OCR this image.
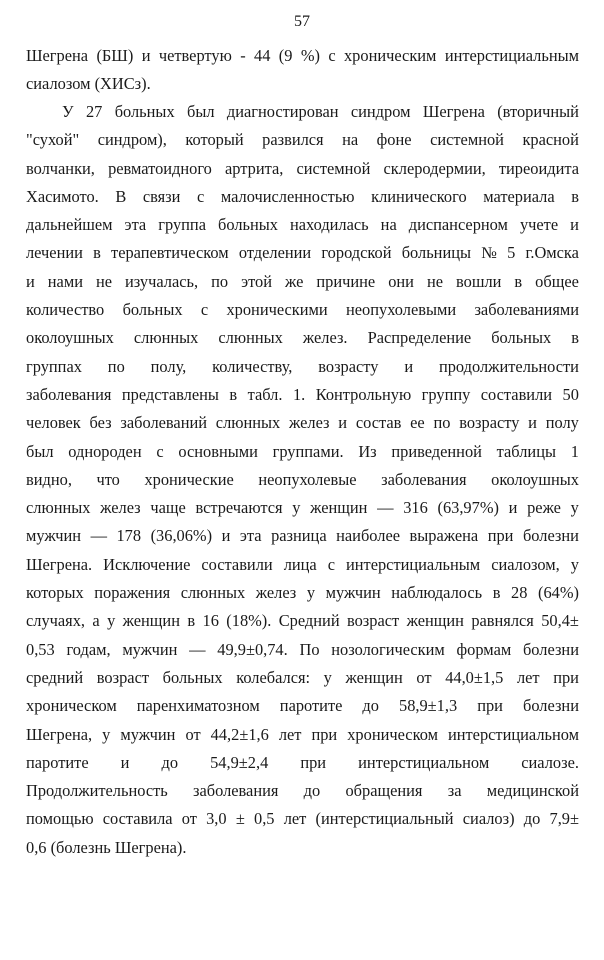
57
Шегрена (БШ) и четвертую - 44 (9 %) с хроническим интерстициальным
сиалозом (ХИСз).
У 27 больных был диагностирован синдром Шегрена (вторичный
"сухой" синдром), который развился на фоне системной красной
волчанки, ревматоидного артрита, системной склеродермии, тиреоидита
Хасимото. В связи с малочисленностью клинического материала в
дальнейшем эта группа больных находилась на диспансерном учете и
лечении в терапевтическом отделении городской больницы № 5 г.Омска
и нами не изучалась, по этой же причине они не вошли в общее
количество больных с хроническими неопухолевыми заболеваниями
околоушных слюнных слюнных желез. Распределение больных в
группах по полу, количеству, возрасту и продолжительности
заболевания представлены в табл. 1. Контрольную группу составили 50
человек без заболеваний слюнных желез и состав ее по возрасту и полу
был однороден с основными группами. Из приведенной таблицы 1
видно, что хронические неопухолевые заболевания околоушных
слюнных желез чаще встречаются у женщин — 316 (63,97%) и реже у
мужчин — 178 (36,06%) и эта разница наиболее выражена при болезни
Шегрена. Исключение составили лица с интерстициальным сиалозом, у
которых поражения слюнных желез у мужчин наблюдалось в 28 (64%)
случаях, а у женщин в 16 (18%). Средний возраст женщин равнялся 50,4±
0,53 годам, мужчин — 49,9±0,74. По нозологическим формам болезни
средний возраст больных колебался: у женщин от 44,0±1,5 лет при
хроническом паренхиматозном паротите до 58,9±1,3 при болезни
Шегрена, у мужчин от 44,2±1,6 лет при хроническом интерстициальном
паротите и до 54,9±2,4 при интерстициальном сиалозе.
Продолжительность заболевания до обращения за медицинской
помощью составила от 3,0 ± 0,5 лет (интерстициальный сиалоз) до 7,9±
0,6 (болезнь Шегрена).
